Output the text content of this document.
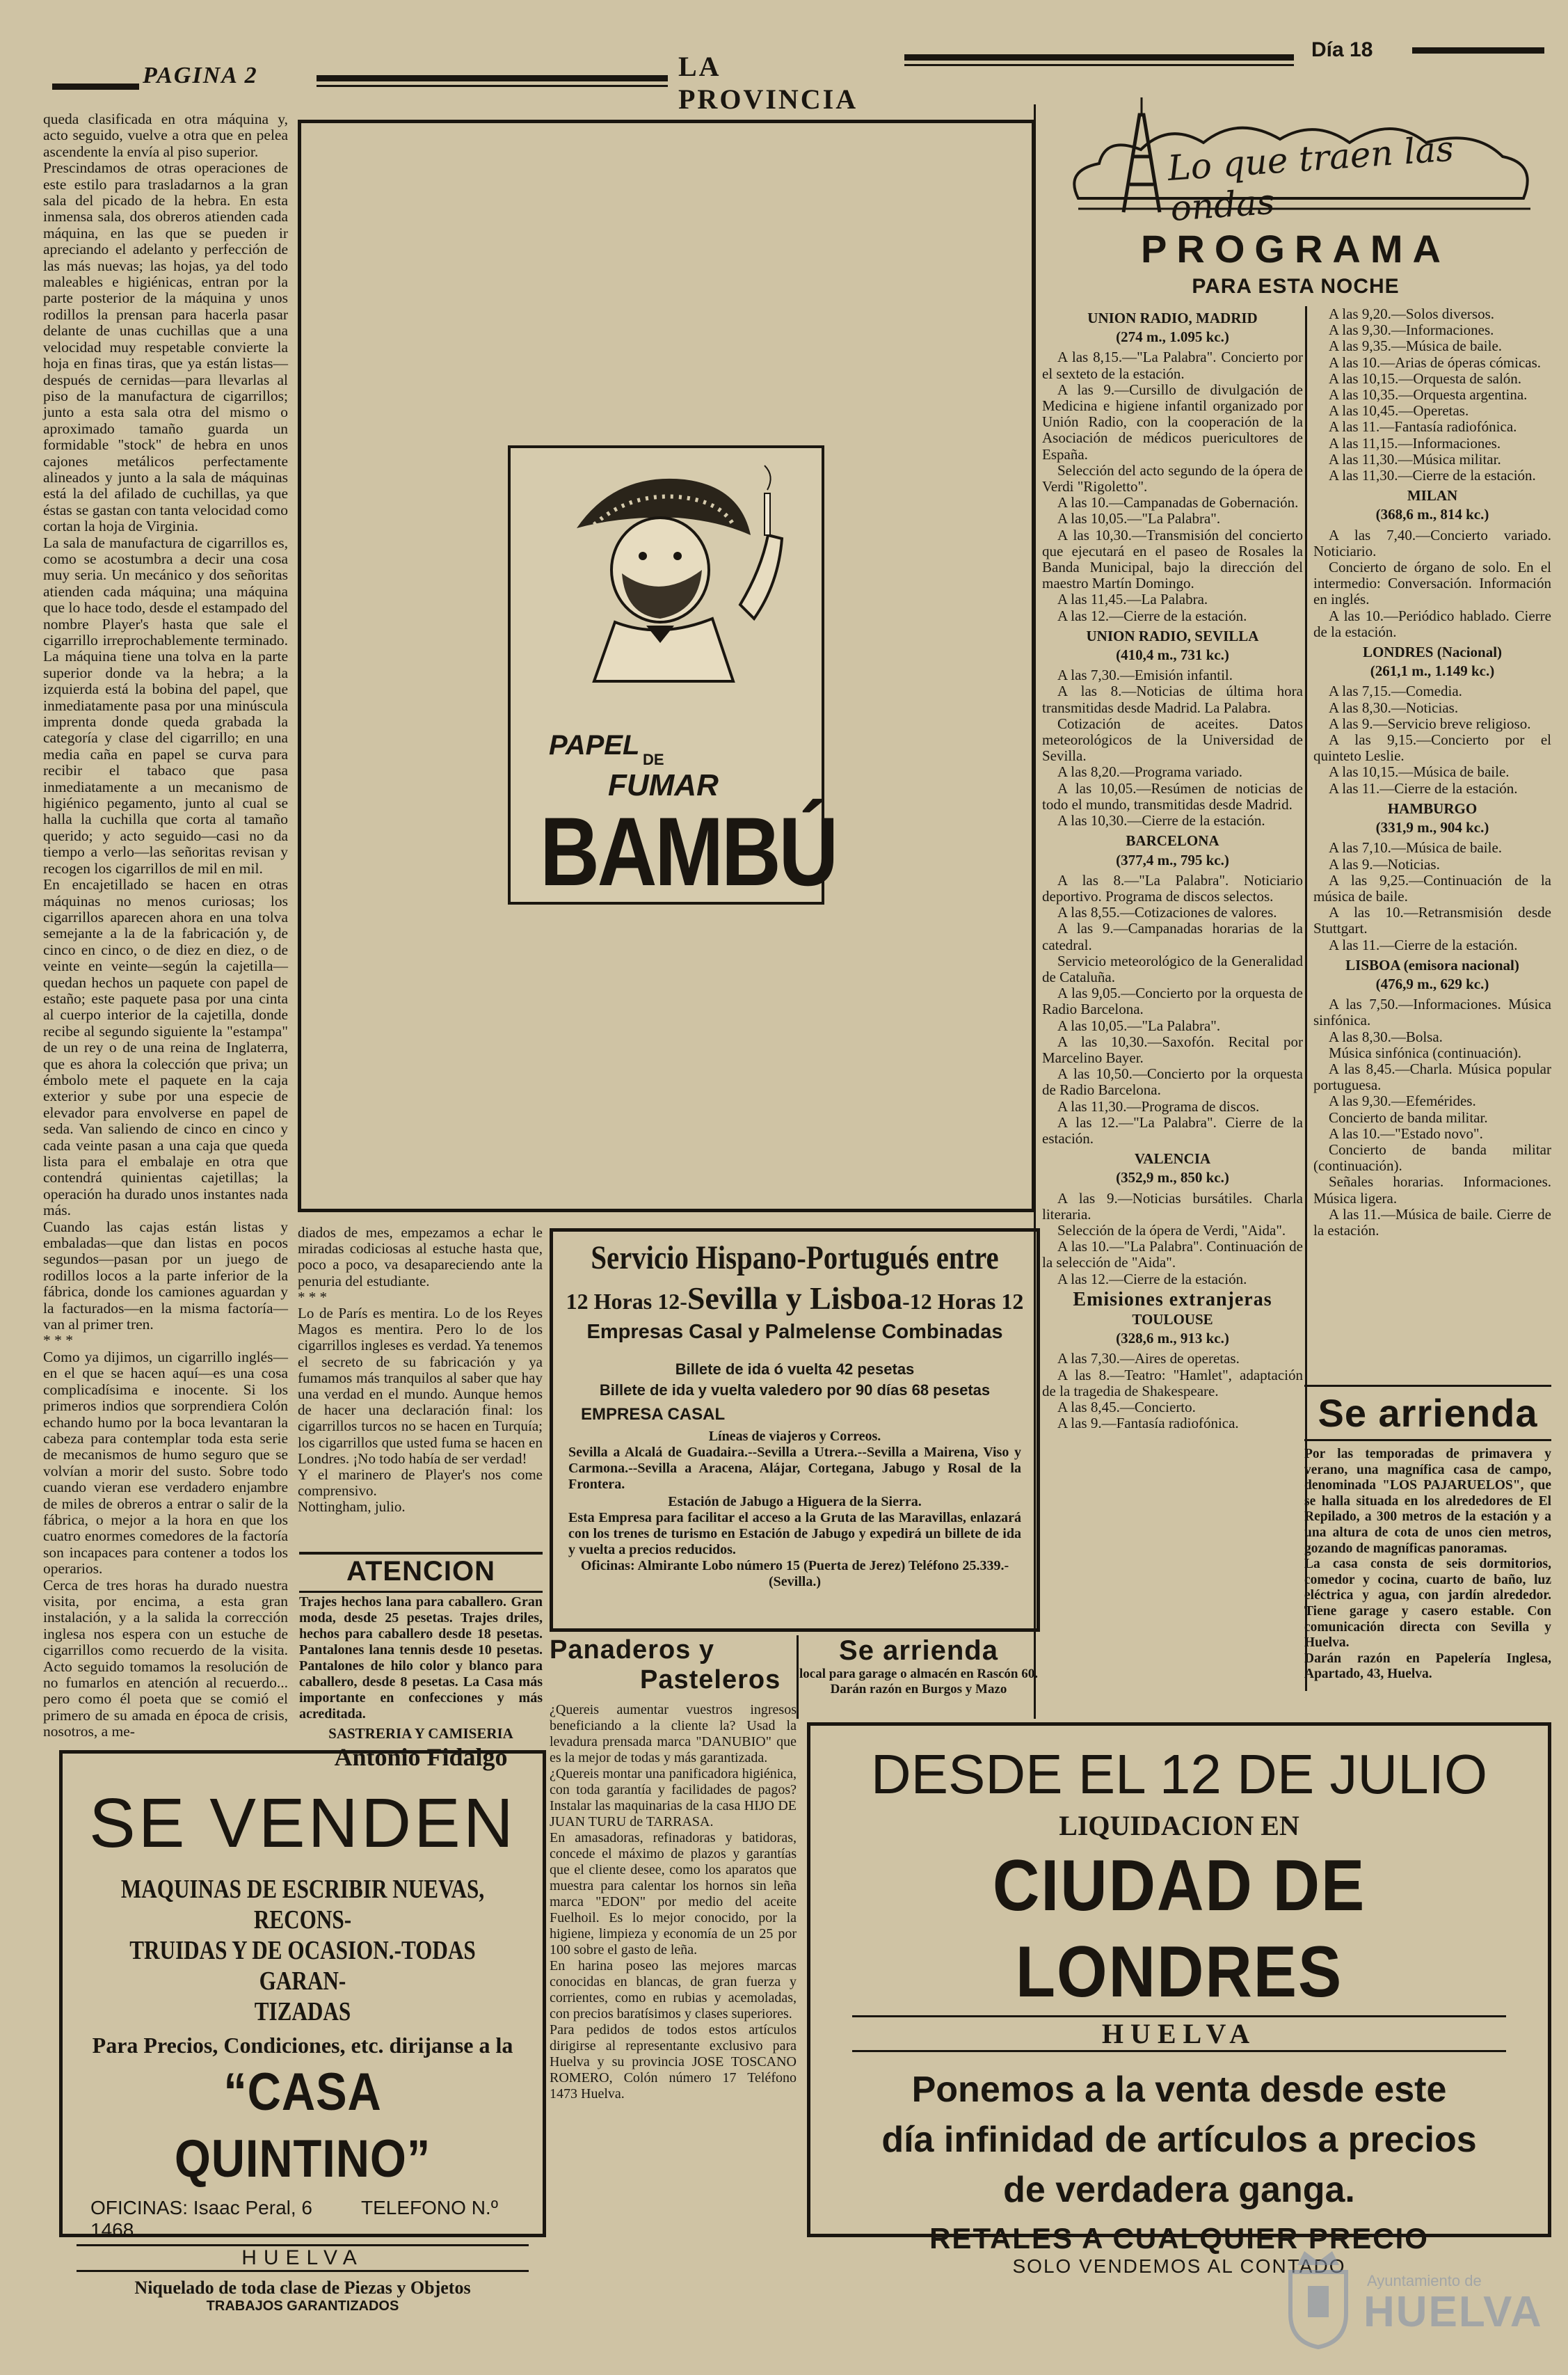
PAGINA 2	LA PROVINCIA
Día 18
queda clasificada en otra máquina y, acto seguido, vuelve a otra que en pelea ascendente la envía al piso superior.
Prescindamos de otras operaciones de este estilo para trasladarnos a la gran sala del picado de la hebra. En esta inmensa sala, dos obreros atienden cada máquina, en las que se pueden ir apreciando el adelanto y perfección de las más nuevas; las hojas, ya del todo maleables e higiénicas, entran por la parte posterior de la máquina y unos rodillos la prensan para hacerla pasar delante de unas cuchillas que a una velocidad muy respetable convierte la hoja en finas tiras, que ya están listas—después de cernidas—para llevarlas al piso de la manufactura de cigarrillos; junto a esta sala otra del mismo o aproximado tamaño guarda un formidable "stock" de hebra en unos cajones metálicos perfectamente alineados y junto a la sala de máquinas está la del afilado de cuchillas, ya que éstas se gastan con tanta velocidad como cortan la hoja de Virginia.
La sala de manufactura de cigarrillos es, como se acostumbra a decir una cosa muy seria. Un mecánico y dos señoritas atienden cada máquina; una máquina que lo hace todo, desde el estampado del nombre Player's hasta que sale el cigarrillo irreprochablemente terminado. La máquina tiene una tolva en la parte superior donde va la hebra; a la izquierda está la bobina del papel, que inmediatamente pasa por una minúscula imprenta donde queda grabada la categoría y clase del cigarrillo; en una media caña en papel se curva para recibir el tabaco que pasa inmediatamente a un mecanismo de higiénico pegamento, junto al cual se halla la cuchilla que corta al tamaño querido; y acto seguido—casi no da tiempo a verlo—las señoritas revisan y recogen los cigarrillos de mil en mil.
En encajetillado se hacen en otras máquinas no menos curiosas; los cigarrillos aparecen ahora en una tolva semejante a la de la fabricación y, de cinco en cinco, o de diez en diez, o de veinte en veinte—según la cajetilla—quedan hechos un paquete con papel de estaño; este paquete pasa por una cinta al cuerpo interior de la cajetilla, donde recibe al segundo siguiente la "estampa" de un rey o de una reina de Inglaterra, que es ahora la colección que priva; un émbolo mete el paquete en la caja exterior y sube por una especie de elevador para envolverse en papel de seda. Van saliendo de cinco en cinco y cada veinte pasan a una caja que queda lista para el embalaje en otra que contendrá quinientas cajetillas; la operación ha durado unos instantes nada más.
Cuando las cajas están listas y embaladas—que dan listas en pocos segundos—pasan por un juego de rodillos locos a la parte inferior de la fábrica, donde los camiones aguardan y la facturados—en la misma factoría—van al primer tren.
* * *
Como ya dijimos, un cigarrillo inglés—en el que se hacen aquí—es una cosa complicadísima e inocente. Si los primeros indios que sorprendiera Colón echando humo por la boca levantaran la cabeza para contemplar toda esta serie de mecanismos de humo seguro que se volvían a morir del susto. Sobre todo cuando vieran ese verdadero enjambre de miles de obreros a entrar o salir de la fábrica, o mejor a la hora en que los cuatro enormes comedores de la factoría son incapaces para contener a todos los operarios.
Cerca de tres horas ha durado nuestra visita, por encima, a esta gran instalación, y a la salida la corrección inglesa nos espera con un estuche de cigarrillos como recuerdo de la visita. Acto seguido tomamos la resolución de no fumarlos en atención al recuerdo... pero como él poeta que se comió el primero de su amada en época de crisis, nosotros, a me-
PAPEL DE
FUMAR
BAMBÚ
diados de mes, empezamos a echar le miradas codiciosas al estuche hasta que, poco a poco, va desapareciendo ante la penuria del estudiante.
* * *
Lo de París es mentira. Lo de los Reyes Magos es mentira. Pero lo de los cigarrillos ingleses es verdad. Ya tenemos el secreto de su fabricación y ya fumamos más tranquilos al saber que hay una verdad en el mundo. Aunque hemos de hacer una declaración final: los cigarrillos turcos no se hacen en Turquía; los cigarrillos que usted fuma se hacen en Londres. ¡No todo había de ser verdad!
Y el marinero de Player's nos come comprensivo.
Nottingham, julio.
ATENCION
Trajes hechos lana para caballero. Gran moda, desde 25 pesetas. Trajes driles, hechos para caballero desde 18 pesetas. Pantalones lana tennis desde 10 pesetas. Pantalones de hilo color y blanco para caballero, desde 8 pesetas. La Casa más importante en confecciones y más acreditada.
SASTRERIA Y CAMISERIA
Antonio Fidalgo
Servicio Hispano-Portugués entre
12 Horas 12-Sevilla y Lisboa-12 Horas 12
Empresas Casal y Palmelense Combinadas
Billete de ida ó vuelta 42 pesetas
Billete de ida y vuelta valedero por 90 días 68 pesetas
EMPRESA CASAL
Líneas de viajeros y Correos.
Sevilla a Alcalá de Guadaira.--Sevilla a Utrera.--Sevilla a Mairena, Viso y Carmona.--Sevilla a Aracena, Alájar, Cortegana, Jabugo y Rosal de la Frontera.
Estación de Jabugo a Higuera de la Sierra.
Esta Empresa para facilitar el acceso a la Gruta de las Maravillas, enlazará con los trenes de turismo en Estación de Jabugo y expedirá un billete de ida y vuelta a precios reducidos.
Oficinas: Almirante Lobo número 15 (Puerta de Jerez) Teléfono 25.339.-(Sevilla.)
Panaderos y
Pasteleros
¿Quereis aumentar vuestros ingresos beneficiando a la cliente la? Usad la levadura prensada marca "DANUBIO" que es la mejor de todas y más garantizada.
¿Quereis montar una panificadora higiénica, con toda garantía y facilidades de pagos? Instalar las maquinarias de la casa HIJO DE JUAN TURU de TARRASA.
En amasadoras, refinadoras y batidoras, concede el máximo de plazos y garantías que el cliente desee, como los aparatos que muestra para calentar los hornos sin leña marca "EDON" por medio del aceite Fuelhoil. Es lo mejor conocido, por la higiene, limpieza y economía de un 25 por 100 sobre el gasto de leña.
En harina poseo las mejores marcas conocidas en blancas, de gran fuerza y corrientes, como en rubias y acemoladas, con precios baratísimos y clases superiores.
Para pedidos de todos estos artículos dirigirse al representante exclusivo para Huelva y su provincia JOSE TOSCANO ROMERO, Colón número 17 Teléfono 1473 Huelva.
Se arrienda
local para garage o almacén en Rascón 60.
Darán razón en Burgos y Mazo
SE VENDEN
MAQUINAS DE ESCRIBIR NUEVAS, RECONS-
TRUIDAS Y DE OCASION.-TODAS GARAN-
TIZADAS
Para Precios, Condiciones, etc. dirijanse a la
“CASA QUINTINO”
OFICINAS: Isaac Peral, 6	TELEFONO N.º 1468
HUELVA
Niquelado de toda clase de Piezas y Objetos
TRABAJOS GARANTIZADOS
DESDE EL 12 DE JULIO
LIQUIDACION EN
CIUDAD DE LONDRES
HUELVA
Ponemos a la venta desde este
día infinidad de artículos a precios
de verdadera ganga.
RETALES A CUALQUIER PRECIO
SOLO VENDEMOS AL CONTADO
Lo que traen las ondas
PROGRAMA
PARA ESTA NOCHE
UNION RADIO, MADRID
(274 m., 1.095 kc.)
A las 8,15.—"La Palabra". Concierto por el sexteto de la estación.
A las 9.—Cursillo de divulgación de Medicina e higiene infantil organizado por Unión Radio, con la cooperación de la Asociación de médicos puericultores de España.
Selección del acto segundo de la ópera de Verdi "Rigoletto".
A las 10.—Campanadas de Gobernación.
A las 10,05.—"La Palabra".
A las 10,30.—Transmisión del concierto que ejecutará en el paseo de Rosales la Banda Municipal, bajo la dirección del maestro Martín Domingo.
A las 11,45.—La Palabra.
A las 12.—Cierre de la estación.
UNION RADIO, SEVILLA
(410,4 m., 731 kc.)
A las 7,30.—Emisión infantil.
A las 8.—Noticias de última hora transmitidas desde Madrid. La Palabra.
Cotización de aceites. Datos meteorológicos de la Universidad de Sevilla.
A las 8,20.—Programa variado.
A las 10,05.—Resúmen de noticias de todo el mundo, transmitidas desde Madrid.
A las 10,30.—Cierre de la estación.
BARCELONA
(377,4 m., 795 kc.)
A las 8.—"La Palabra". Noticiario deportivo. Programa de discos selectos.
A las 8,55.—Cotizaciones de valores.
A las 9.—Campanadas horarias de la catedral.
Servicio meteorológico de la Generalidad de Cataluña.
A las 9,05.—Concierto por la orquesta de Radio Barcelona.
A las 10,05.—"La Palabra".
A las 10,30.—Saxofón. Recital por Marcelino Bayer.
A las 10,50.—Concierto por la orquesta de Radio Barcelona.
A las 11,30.—Programa de discos.
A las 12.—"La Palabra". Cierre de la estación.
VALENCIA
(352,9 m., 850 kc.)
A las 9.—Noticias bursátiles. Charla literaria.
Selección de la ópera de Verdi, "Aida".
A las 10.—"La Palabra". Continuación de la selección de "Aida".
A las 12.—Cierre de la estación.
Emisiones extranjeras
TOULOUSE
(328,6 m., 913 kc.)
A las 7,30.—Aires de operetas.
A las 8.—Teatro: "Hamlet", adaptación de la tragedia de Shakespeare.
A las 8,45.—Concierto.
A las 9.—Fantasía radiofónica.
A las 9,20.—Solos diversos.
A las 9,30.—Informaciones.
A las 9,35.—Música de baile.
A las 10.—Arias de óperas cómicas.
A las 10,15.—Orquesta de salón.
A las 10,35.—Orquesta argentina.
A las 10,45.—Operetas.
A las 11.—Fantasía radiofónica.
A las 11,15.—Informaciones.
A las 11,30.—Música militar.
A las 11,30.—Cierre de la estación.
MILAN
(368,6 m., 814 kc.)
A las 7,40.—Concierto variado. Noticiario.
Concierto de órgano de solo. En el intermedio: Conversación. Información en inglés.
A las 10.—Periódico hablado. Cierre de la estación.
LONDRES (Nacional)
(261,1 m., 1.149 kc.)
A las 7,15.—Comedia.
A las 8,30.—Noticias.
A las 9.—Servicio breve religioso.
A las 9,15.—Concierto por el quinteto Leslie.
A las 10,15.—Música de baile.
A las 11.—Cierre de la estación.
HAMBURGO
(331,9 m., 904 kc.)
A las 7,10.—Música de baile.
A las 9.—Noticias.
A las 9,25.—Continuación de la música de baile.
A las 10.—Retransmisión desde Stuttgart.
A las 11.—Cierre de la estación.
LISBOA (emisora nacional)
(476,9 m., 629 kc.)
A las 7,50.—Informaciones. Música sinfónica.
A las 8,30.—Bolsa.
Música sinfónica (continuación).
A las 8,45.—Charla. Música popular portuguesa.
A las 9,30.—Efemérides.
Concierto de banda militar.
A las 10.—"Estado novo".
Concierto de banda militar (continuación).
Señales horarias. Informaciones. Música ligera.
A las 11.—Música de baile. Cierre de la estación.
Se arrienda
Por las temporadas de primavera y verano, una magnífica casa de campo, denominada "LOS PAJARUELOS", que se halla situada en los alrededores de El Repilado, a 300 metros de la estación y a una altura de cota de unos cien metros, gozando de magníficas panoramas.
La casa consta de seis dormitorios, comedor y cocina, cuarto de baño, luz eléctrica y agua, con jardín alrededor. Tiene garage y casero estable. Con comunicación directa con Sevilla y Huelva.
Darán razón en Papelería Inglesa, Apartado, 43, Huelva.
Ayuntamiento de
HUELVA
